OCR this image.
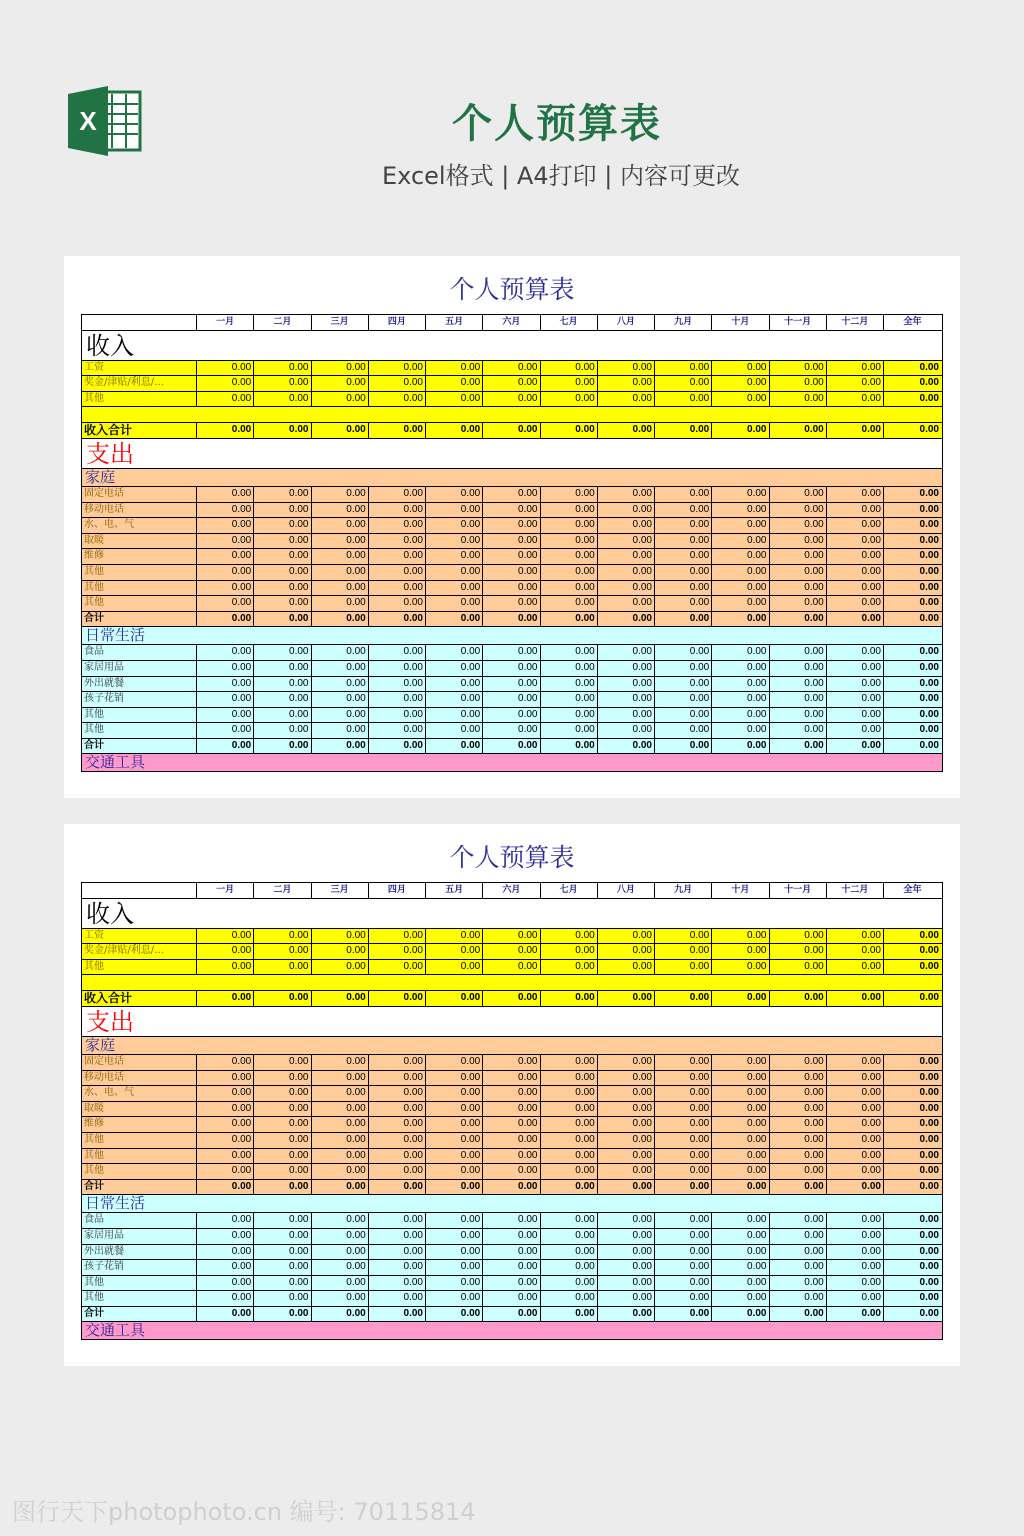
X	个人预算表
Excel格式 | A4打印 | 内容可更改
个人预算表
一月	二月	三月	四月	五月	六月	七月	八月	九月	十月	十一月	十二月	全年
收入
工资	0.00	0.00	0.00	0.00	0.00	0.00	0.00	0.00	0.00	0.00	0.00	0.00	0.00
奖金/津贴/利息/…	0.00	0.00	0.00	0.00	0.00	0.00	0.00	0.00	0.00	0.00	0.00	0.00	0.00
其他	0.00	0.00	0.00	0.00	0.00	0.00	0.00	0.00	0.00	0.00	0.00	0.00	0.00
收入合计	0.00	0.00	0.00	0.00	0.00	0.00	0.00	0.00	0.00	0.00	0.00	0.00	0.00
支出
家庭
固定电话	0.00	0.00	0.00	0.00	0.00	0.00	0.00	0.00	0.00	0.00	0.00	0.00	0.00
移动电话	0.00	0.00	0.00	0.00	0.00	0.00	0.00	0.00	0.00	0.00	0.00	0.00	0.00
水、电、气	0.00	0.00	0.00	0.00	0.00	0.00	0.00	0.00	0.00	0.00	0.00	0.00	0.00
取暖	0.00	0.00	0.00	0.00	0.00	0.00	0.00	0.00	0.00	0.00	0.00	0.00	0.00
维修	0.00	0.00	0.00	0.00	0.00	0.00	0.00	0.00	0.00	0.00	0.00	0.00	0.00
其他	0.00	0.00	0.00	0.00	0.00	0.00	0.00	0.00	0.00	0.00	0.00	0.00	0.00
其他	0.00	0.00	0.00	0.00	0.00	0.00	0.00	0.00	0.00	0.00	0.00	0.00	0.00
其他	0.00	0.00	0.00	0.00	0.00	0.00	0.00	0.00	0.00	0.00	0.00	0.00	0.00
合计	0.00	0.00	0.00	0.00	0.00	0.00	0.00	0.00	0.00	0.00	0.00	0.00	0.00
日常生活
食品	0.00	0.00	0.00	0.00	0.00	0.00	0.00	0.00	0.00	0.00	0.00	0.00	0.00
家居用品	0.00	0.00	0.00	0.00	0.00	0.00	0.00	0.00	0.00	0.00	0.00	0.00	0.00
外出就餐	0.00	0.00	0.00	0.00	0.00	0.00	0.00	0.00	0.00	0.00	0.00	0.00	0.00
孩子花销	0.00	0.00	0.00	0.00	0.00	0.00	0.00	0.00	0.00	0.00	0.00	0.00	0.00
其他	0.00	0.00	0.00	0.00	0.00	0.00	0.00	0.00	0.00	0.00	0.00	0.00	0.00
其他	0.00	0.00	0.00	0.00	0.00	0.00	0.00	0.00	0.00	0.00	0.00	0.00	0.00
合计	0.00	0.00	0.00	0.00	0.00	0.00	0.00	0.00	0.00	0.00	0.00	0.00	0.00
交通工具
个人预算表
一月	二月	三月	四月	五月	六月	七月	八月	九月	十月	十一月	十二月	全年
收入
工资	0.00	0.00	0.00	0.00	0.00	0.00	0.00	0.00	0.00	0.00	0.00	0.00	0.00
奖金/津贴/利息/…	0.00	0.00	0.00	0.00	0.00	0.00	0.00	0.00	0.00	0.00	0.00	0.00	0.00
其他	0.00	0.00	0.00	0.00	0.00	0.00	0.00	0.00	0.00	0.00	0.00	0.00	0.00
收入合计	0.00	0.00	0.00	0.00	0.00	0.00	0.00	0.00	0.00	0.00	0.00	0.00	0.00
支出
家庭
固定电话	0.00	0.00	0.00	0.00	0.00	0.00	0.00	0.00	0.00	0.00	0.00	0.00	0.00
移动电话	0.00	0.00	0.00	0.00	0.00	0.00	0.00	0.00	0.00	0.00	0.00	0.00	0.00
水、电、气	0.00	0.00	0.00	0.00	0.00	0.00	0.00	0.00	0.00	0.00	0.00	0.00	0.00
取暖	0.00	0.00	0.00	0.00	0.00	0.00	0.00	0.00	0.00	0.00	0.00	0.00	0.00
维修	0.00	0.00	0.00	0.00	0.00	0.00	0.00	0.00	0.00	0.00	0.00	0.00	0.00
其他	0.00	0.00	0.00	0.00	0.00	0.00	0.00	0.00	0.00	0.00	0.00	0.00	0.00
其他	0.00	0.00	0.00	0.00	0.00	0.00	0.00	0.00	0.00	0.00	0.00	0.00	0.00
其他	0.00	0.00	0.00	0.00	0.00	0.00	0.00	0.00	0.00	0.00	0.00	0.00	0.00
合计	0.00	0.00	0.00	0.00	0.00	0.00	0.00	0.00	0.00	0.00	0.00	0.00	0.00
日常生活
食品	0.00	0.00	0.00	0.00	0.00	0.00	0.00	0.00	0.00	0.00	0.00	0.00	0.00
家居用品	0.00	0.00	0.00	0.00	0.00	0.00	0.00	0.00	0.00	0.00	0.00	0.00	0.00
外出就餐	0.00	0.00	0.00	0.00	0.00	0.00	0.00	0.00	0.00	0.00	0.00	0.00	0.00
孩子花销	0.00	0.00	0.00	0.00	0.00	0.00	0.00	0.00	0.00	0.00	0.00	0.00	0.00
其他	0.00	0.00	0.00	0.00	0.00	0.00	0.00	0.00	0.00	0.00	0.00	0.00	0.00
其他	0.00	0.00	0.00	0.00	0.00	0.00	0.00	0.00	0.00	0.00	0.00	0.00	0.00
合计	0.00	0.00	0.00	0.00	0.00	0.00	0.00	0.00	0.00	0.00	0.00	0.00	0.00
交通工具
图行天下photophoto.cn 编号: 70115814
